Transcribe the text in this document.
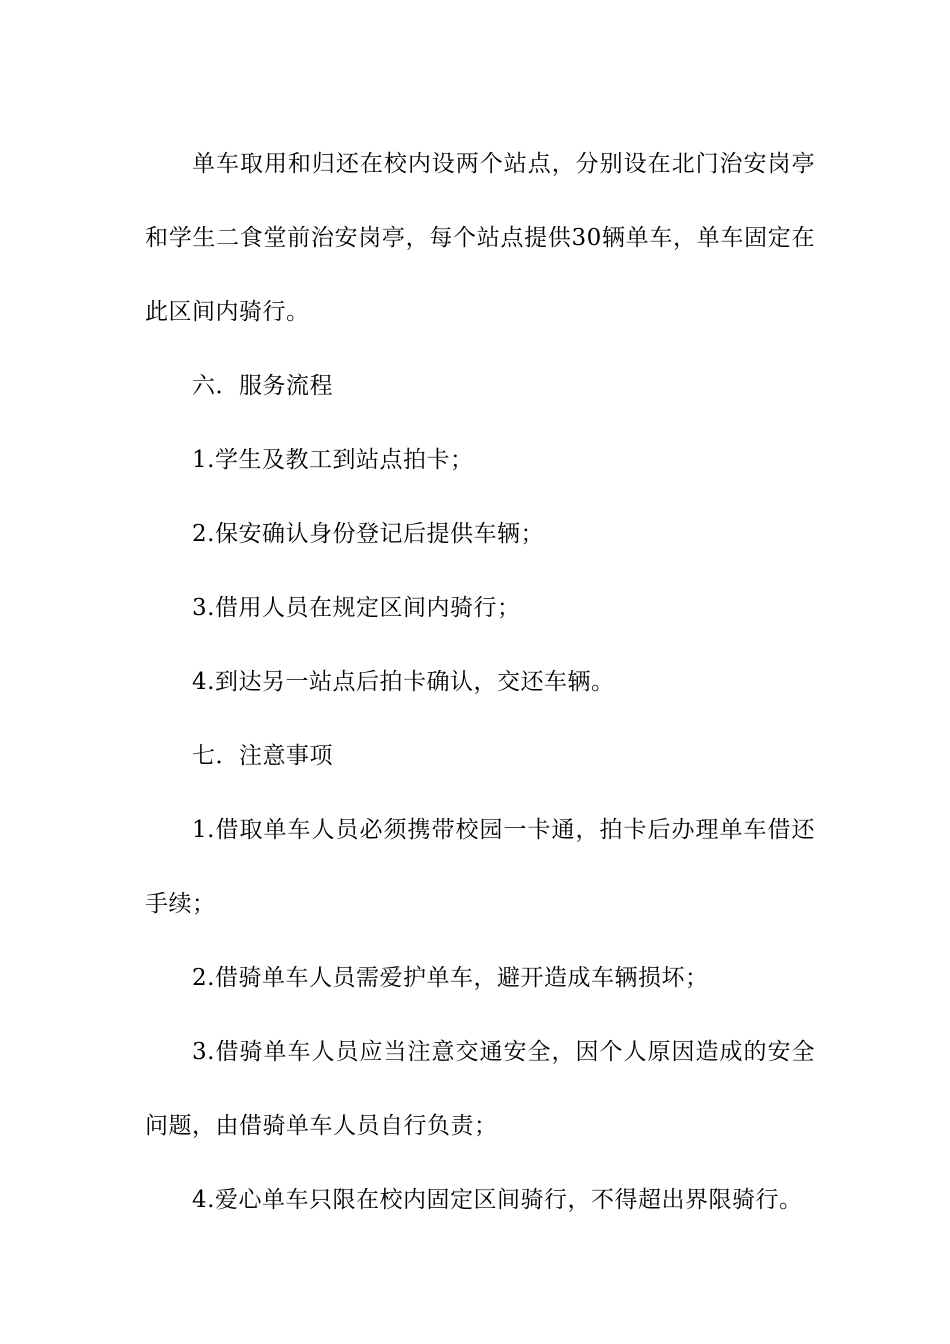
单车取用和归还在校内设两个站点，分别设在北门治安岗亭和学生二食堂前治安岗亭，每个站点提供30辆单车，单车固定在此区间内骑行。

六．服务流程

1.学生及教工到站点拍卡；

2.保安确认身份登记后提供车辆；

3.借用人员在规定区间内骑行；

4.到达另一站点后拍卡确认，交还车辆。

七．注意事项

1.借取单车人员必须携带校园一卡通，拍卡后办理单车借还手续；

2.借骑单车人员需爱护单车，避开造成车辆损坏；

3.借骑单车人员应当注意交通安全，因个人原因造成的安全问题，由借骑单车人员自行负责；

4.爱心单车只限在校内固定区间骑行，不得超出界限骑行。
